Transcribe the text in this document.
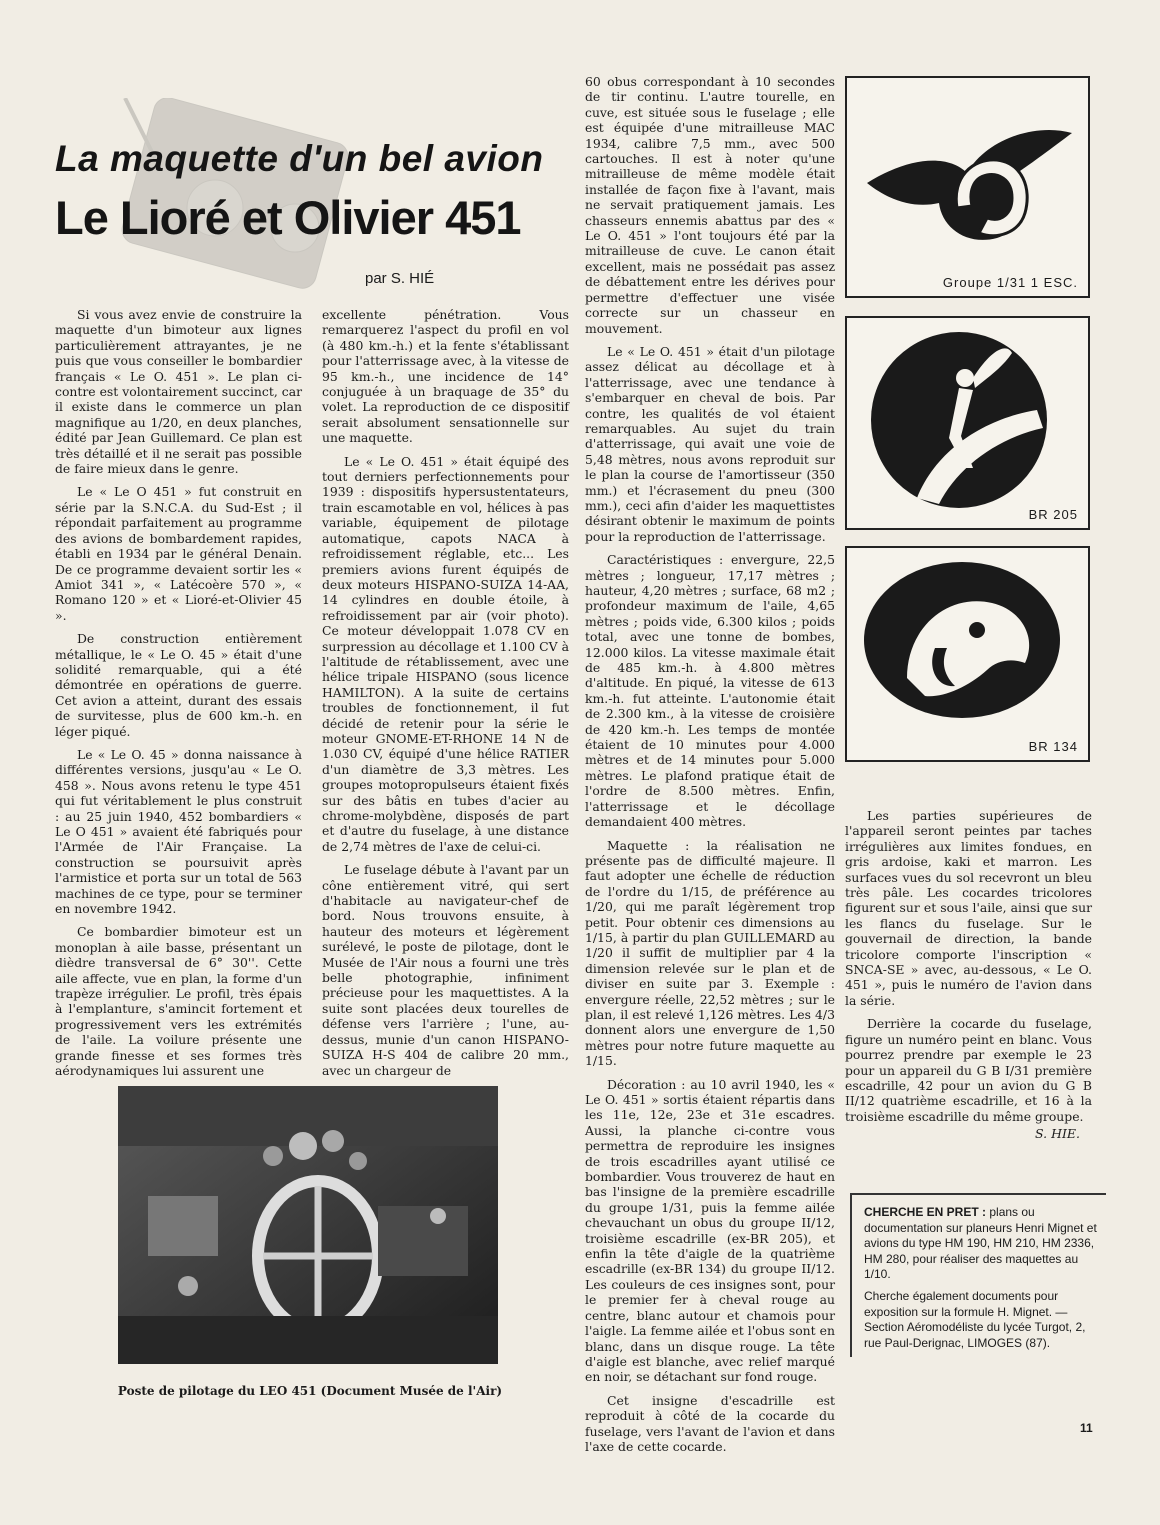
La maquette d'un bel avion
Le Lioré et Olivier 451
par S. HIÉ

Si vous avez envie de construire la maquette d'un bimoteur aux lignes particulièrement attrayantes, je ne puis que vous conseiller le bombardier français « Le O. 451 ». Le plan ci-contre est volontairement succinct, car il existe dans le commerce un plan magnifique au 1/20, en deux planches, édité par Jean Guillemard. Ce plan est très détaillé et il ne serait pas possible de faire mieux dans le genre.

Le « Le O 451 » fut construit en série par la S.N.C.A. du Sud-Est ; il répondait parfaitement au programme des avions de bombardement rapides, établi en 1934 par le général Denain. De ce programme devaient sortir les « Amiot 341 », « Latécoère 570 », « Romano 120 » et « Lioré-et-Olivier 45 ».

De construction entièrement métallique, le « Le O. 45 » était d'une solidité remarquable, qui a été démontrée en opérations de guerre. Cet avion a atteint, durant des essais de survitesse, plus de 600 km.-h. en léger piqué.

Le « Le O. 45 » donna naissance à différentes versions, jusqu'au « Le O. 458 ». Nous avons retenu le type 451 qui fut véritablement le plus construit : au 25 juin 1940, 452 bombardiers « Le O 451 » avaient été fabriqués pour l'Armée de l'Air Française. La construction se poursuivit après l'armistice et porta sur un total de 563 machines de ce type, pour se terminer en novembre 1942.

Ce bombardier bimoteur est un monoplan à aile basse, présentant un dièdre transversal de 6° 30''. Cette aile affecte, vue en plan, la forme d'un trapèze irrégulier. Le profil, très épais à l'emplanture, s'amincit fortement et progressivement vers les extrémités de l'aile. La voilure présente une grande finesse et ses formes très aérodynamiques lui assurent une

excellente pénétration. Vous remarquerez l'aspect du profil en vol (à 480 km.-h.) et la fente s'établissant pour l'atterrissage avec, à la vitesse de 95 km.-h., une incidence de 14° conjuguée à un braquage de 35° du volet. La reproduction de ce dispositif serait absolument sensationnelle sur une maquette.

Le « Le O. 451 » était équipé des tout derniers perfectionnements pour 1939 : dispositifs hypersustentateurs, train escamotable en vol, hélices à pas variable, équipement de pilotage automatique, capots NACA à refroidissement réglable, etc... Les premiers avions furent équipés de deux moteurs HISPANO-SUIZA 14-AA, 14 cylindres en double étoile, à refroidissement par air (voir photo). Ce moteur développait 1.078 CV en surpression au décollage et 1.100 CV à l'altitude de rétablissement, avec une hélice tripale HISPANO (sous licence HAMILTON). A la suite de certains troubles de fonctionnement, il fut décidé de retenir pour la série le moteur GNOME-ET-RHONE 14 N de 1.030 CV, équipé d'une hélice RATIER d'un diamètre de 3,3 mètres. Les groupes motopropulseurs étaient fixés sur des bâtis en tubes d'acier au chrome-molybdène, disposés de part et d'autre du fuselage, à une distance de 2,74 mètres de l'axe de celui-ci.

Le fuselage débute à l'avant par un cône entièrement vitré, qui sert d'habitacle au navigateur-chef de bord. Nous trouvons ensuite, à hauteur des moteurs et légèrement surélevé, le poste de pilotage, dont le Musée de l'Air nous a fourni une très belle photographie, infiniment précieuse pour les maquettistes. A la suite sont placées deux tourelles de défense vers l'arrière ; l'une, au-dessus, munie d'un canon HISPANO-SUIZA H-S 404 de calibre 20 mm., avec un chargeur de

60 obus correspondant à 10 secondes de tir continu. L'autre tourelle, en cuve, est située sous le fuselage ; elle est équipée d'une mitrailleuse MAC 1934, calibre 7,5 mm., avec 500 cartouches. Il est à noter qu'une mitrailleuse de même modèle était installée de façon fixe à l'avant, mais ne servait pratiquement jamais. Les chasseurs ennemis abattus par des « Le O. 451 » l'ont toujours été par la mitrailleuse de cuve. Le canon était excellent, mais ne possédait pas assez de débattement entre les dérives pour permettre d'effectuer une visée correcte sur un chasseur en mouvement.

Le « Le O. 451 » était d'un pilotage assez délicat au décollage et à l'atterrissage, avec une tendance à s'embarquer en cheval de bois. Par contre, les qualités de vol étaient remarquables. Au sujet du train d'atterrissage, qui avait une voie de 5,48 mètres, nous avons reproduit sur le plan la course de l'amortisseur (350 mm.) et l'écrasement du pneu (300 mm.), ceci afin d'aider les maquettistes désirant obtenir le maximum de points pour la reproduction de l'atterrissage.

Caractéristiques : envergure, 22,5 mètres ; longueur, 17,17 mètres ; hauteur, 4,20 mètres ; surface, 68 m2 ; profondeur maximum de l'aile, 4,65 mètres ; poids vide, 6.300 kilos ; poids total, avec une tonne de bombes, 12.000 kilos. La vitesse maximale était de 485 km.-h. à 4.800 mètres d'altitude. En piqué, la vitesse de 613 km.-h. fut atteinte. L'autonomie était de 2.300 km., à la vitesse de croisière de 420 km.-h. Les temps de montée étaient de 10 minutes pour 4.000 mètres et de 14 minutes pour 5.000 mètres. Le plafond pratique était de l'ordre de 8.500 mètres. Enfin, l'atterrissage et le décollage demandaient 400 mètres.

Maquette : la réalisation ne présente pas de difficulté majeure. Il faut adopter une échelle de réduction de l'ordre du 1/15, de préférence au 1/20, qui me paraît légèrement trop petit. Pour obtenir ces dimensions au 1/15, à partir du plan GUILLEMARD au 1/20 il suffit de multiplier par 4 la dimension relevée sur le plan et de diviser en suite par 3. Exemple : envergure réelle, 22,52 mètres ; sur le plan, il est relevé 1,126 mètres. Les 4/3 donnent alors une envergure de 1,50 mètres pour notre future maquette au 1/15.

Décoration : au 10 avril 1940, les « Le O. 451 » sortis étaient répartis dans les 11e, 12e, 23e et 31e escadres. Aussi, la planche ci-contre vous permettra de reproduire les insignes de trois escadrilles ayant utilisé ce bombardier. Vous trouverez de haut en bas l'insigne de la première escadrille du groupe 1/31, puis la femme ailée chevauchant un obus du groupe II/12, troisième escadrille (ex-BR 205), et enfin la tête d'aigle de la quatrième escadrille (ex-BR 134) du groupe II/12. Les couleurs de ces insignes sont, pour le premier fer à cheval rouge au centre, blanc autour et chamois pour l'aigle. La femme ailée et l'obus sont en blanc, dans un disque rouge. La tête d'aigle est blanche, avec relief marqué en noir, se détachant sur fond rouge.

Cet insigne d'escadrille est reproduit à côté de la cocarde du fuselage, vers l'avant de l'avion et dans l'axe de cette cocarde.

Groupe 1/31 1 ESC.
BR 205
BR 134

Les parties supérieures de l'appareil seront peintes par taches irrégulières aux limites fondues, en gris ardoise, kaki et marron. Les surfaces vues du sol recevront un bleu très pâle. Les cocardes tricolores figurent sur et sous l'aile, ainsi que sur les flancs du fuselage. Sur le gouvernail de direction, la bande tricolore comporte l'inscription « SNCA-SE » avec, au-dessous, « Le O. 451 », puis le numéro de l'avion dans la série.

Derrière la cocarde du fuselage, figure un numéro peint en blanc. Vous pourrez prendre par exemple le 23 pour un appareil du G B I/31 première escadrille, 42 pour un avion du G B II/12 quatrième escadrille, et 16 à la troisième escadrille du même groupe.

S. HIE.
Poste de pilotage du LEO 451 (Document Musée de l'Air)

CHERCHE EN PRET : plans ou documentation sur planeurs Henri Mignet et avions du type HM 190, HM 210, HM 2336, HM 280, pour réaliser des maquettes au 1/10.

Cherche également documents pour exposition sur la formule H. Mignet. — Section Aéromodéliste du lycée Turgot, 2, rue Paul-Derignac, LIMOGES (87).

11
